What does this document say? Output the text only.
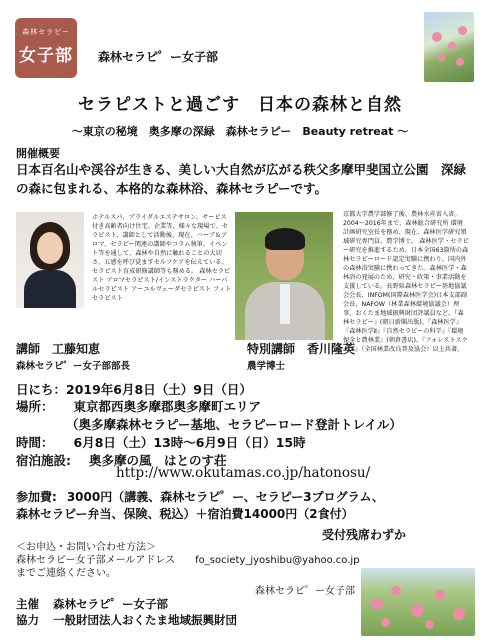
森林セラピー
女子部	森林セラピ゜ー女子部
セラピストと過ごす　日本の森林と自然
～東京の秘境　奥多摩の深緑　森林セラピー　Beauty retreat ～
開催概要
日本百名山や渓谷が生きる、美しい大自然が広がる秩父多摩甲斐国立公園　深緑の森に包まれる、本格的な森林浴、森林セラピーです。
ホテルスパ、ブライダルエステサロン、サービス付き高齢者向け住宅、企業等、様々な現場で、セラピスト、講師として活動後、現在、ハーブ＆アロマ、セラピー関連の講師やコラム執筆、イベント等を通して、森林や自然に触れることの大切さ、五感を呼び覚ますセルフケアを伝えている。セラピスト育成研修講師等も務める。 森林セラピスト アロマセラピスト/インストラクター ハーバルセラピスト アーユルヴェーダセラピスト フィトセラピスト
京都大学農学部修了後、農林水産省入省。2004～2016年まで、森林総合研究所 環境計画研究室長を務め、現在、森林医学研究領域研究専門員。農学博士。 森林医学・セラピー研究を推進するため、日本全国63箇所の森林セラピーロード認定実験に携わり、国内外の森林浴実験に携わってきた。森林医学・森林浴の発展のため、研究・政策・事業活動を支援している。長野県森林セラピー基地協議会会長、INFOM(国際森林医学会)日本支部副会長、NAFOW（林業森林環境協議会）理事、おくたま地域振興財団評議員など。『森林セラピー』(朝日新聞出版)、『森林医学』『森林医学Ⅱ』『自然セラピーの科学』『環境保全と農林業』(朝倉書店)、『フォレストスケープ』（全国林業改良普及協会）以上共著。
講師 工藤知恵
森林セラピ゜ー女子部部長
特別講師 香川隆英
農学博士
日にち：2019年6月8日（土）9日（日）
場所： 東京都西奥多摩郡奥多摩町エリア
（奥多摩森林セラピー基地、セラピーロード登計トレイル）
時間： 6月8日（土）13時～6月9日（日）15時
宿泊施設: 奥多摩の風　はとのす荘
http://www.okutamas.co.jp/hatonosu/
参加費: 3000円（講義、森林セラピ゜ー、セラピー3プログラム、
森林セラピー弁当、保険、税込）＋宿泊費14000円（2食付）
受付残席わずか
＜お申込・お問い合わせ方法＞
森林セラピー女子部メールアドレス fo_society_jyoshibu@yahoo.co.jp
までご連絡ください。
森林セラピ゜ー女子部
主催 森林セラピ゜ー女子部
協力 一般財団法人おくたま地域振興財団
